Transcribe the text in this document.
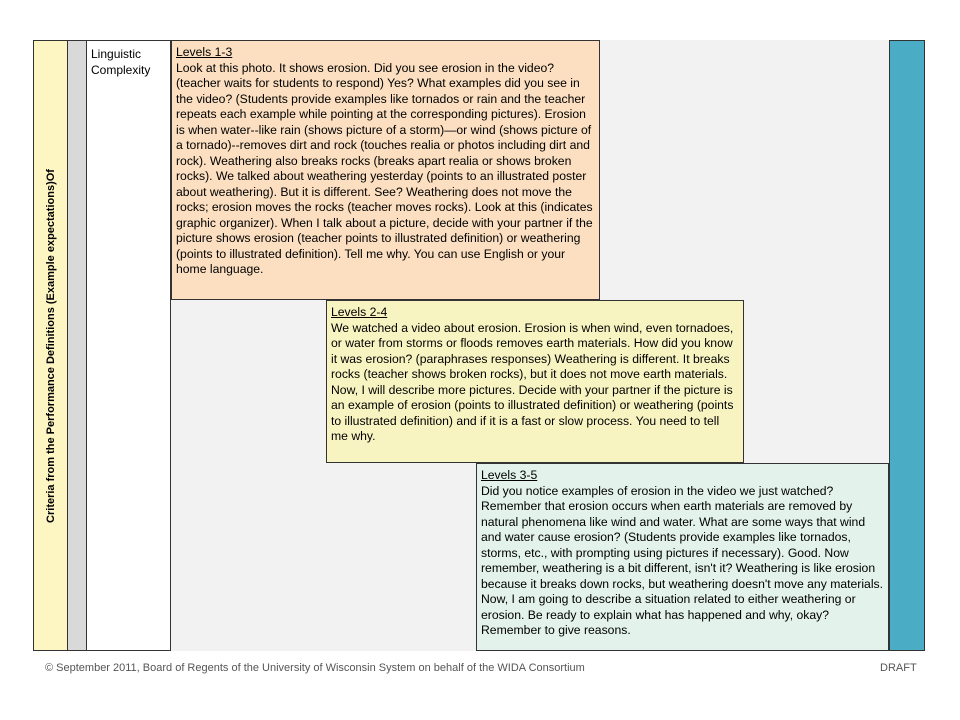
Criteria from the Performance Definitions (Example expectations)Of
Linguistic Complexity
Levels 1-3

Look at this photo. It shows erosion. Did you see erosion in the video? (teacher waits for students to respond) Yes? What examples did you see in the video? (Students provide examples like tornados or rain and the teacher repeats each example while pointing at the corresponding pictures). Erosion is when water--like rain (shows picture of a storm)—or wind (shows picture of a tornado)--removes dirt and rock (touches realia or photos including dirt and rock). Weathering also breaks rocks (breaks apart realia or shows broken rocks). We talked about weathering yesterday (points to an illustrated poster about weathering). But it is different. See? Weathering does not move the rocks; erosion moves the rocks (teacher moves rocks). Look at this (indicates graphic organizer). When I talk about a picture, decide with your partner if the picture shows erosion (teacher points to illustrated definition) or weathering (points to illustrated definition). Tell me why. You can use English or your home language.

Levels 2-4

We watched a video about erosion. Erosion is when wind, even tornadoes, or water from storms or floods removes earth materials. How did you know it was erosion? (paraphrases responses) Weathering is different. It breaks rocks (teacher shows broken rocks), but it does not move earth materials. Now, I will describe more pictures. Decide with your partner if the picture is an example of erosion (points to illustrated definition) or weathering (points to illustrated definition) and if it is a fast or slow process. You need to tell me why.

Levels 3-5

Did you notice examples of erosion in the video we just watched? Remember that erosion occurs when earth materials are removed by natural phenomena like wind and water. What are some ways that wind and water cause erosion? (Students provide examples like tornados, storms, etc., with prompting using pictures if necessary). Good. Now remember, weathering is a bit different, isn't it? Weathering is like erosion because it breaks down rocks, but weathering doesn't move any materials. Now, I am going to describe a situation related to either weathering or erosion. Be ready to explain what has happened and why, okay? Remember to give reasons.

© September 2011, Board of Regents of the University of Wisconsin System on behalf of the WIDA Consortium	DRAFT
